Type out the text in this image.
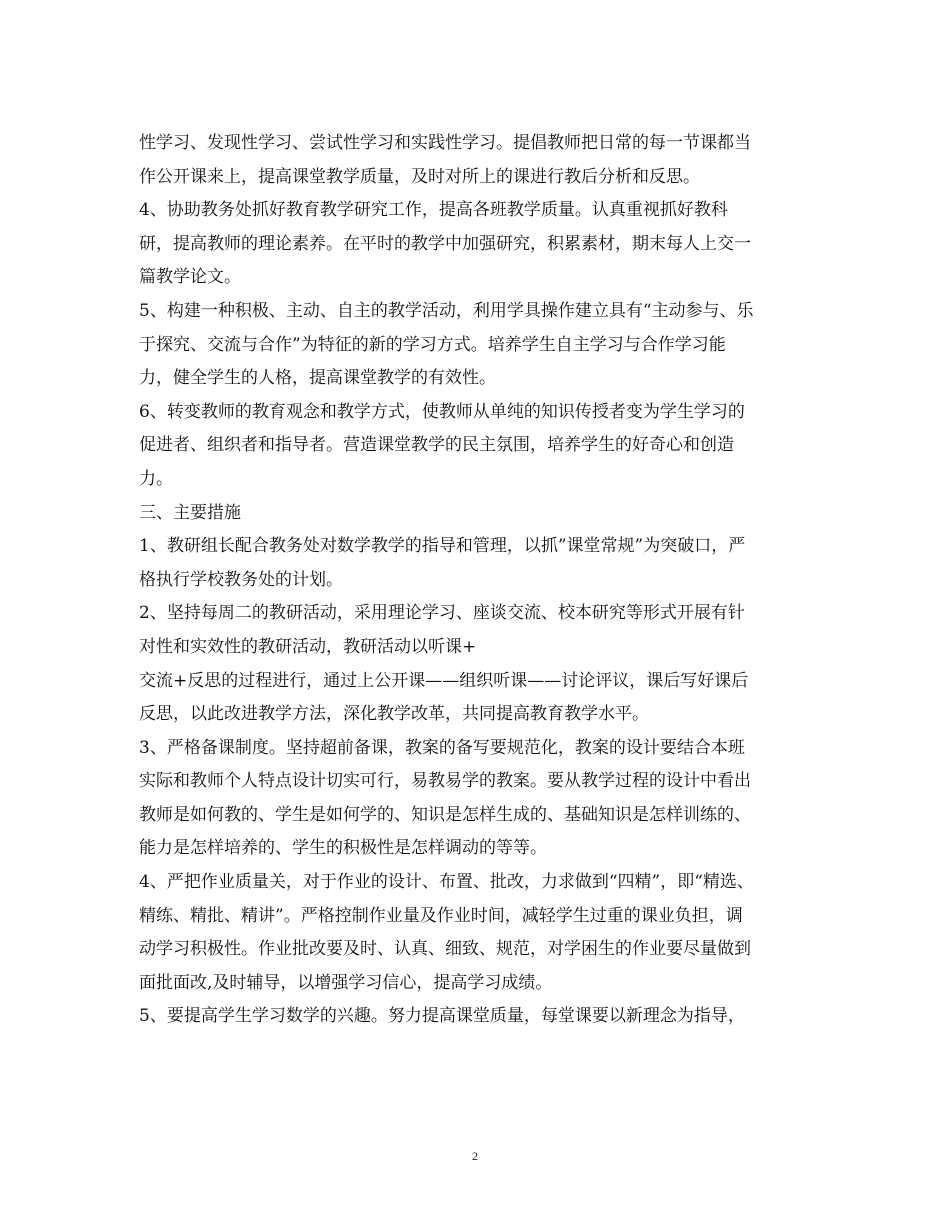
性学习、发现性学习、尝试性学习和实践性学习。提倡教师把日常的每一节课都当
作公开课来上，提高课堂教学质量，及时对所上的课进行教后分析和反思。
4、协助教务处抓好教育教学研究工作，提高各班教学质量。认真重视抓好教科
研，提高教师的理论素养。在平时的教学中加强研究，积累素材，期末每人上交一
篇教学论文。
5、构建一种积极、主动、自主的教学活动，利用学具操作建立具有“主动参与、乐
于探究、交流与合作”为特征的新的学习方式。培养学生自主学习与合作学习能
力，健全学生的人格，提高课堂教学的有效性。
6、转变教师的教育观念和教学方式，使教师从单纯的知识传授者变为学生学习的
促进者、组织者和指导者。营造课堂教学的民主氛围，培养学生的好奇心和创造
力。
三、主要措施
1、教研组长配合教务处对数学教学的指导和管理，以抓”课堂常规”为突破口，严
格执行学校教务处的计划。
2、坚持每周二的教研活动，采用理论学习、座谈交流、校本研究等形式开展有针
对性和实效性的教研活动，教研活动以听课+
交流+反思的过程进行，通过上公开课——组织听课——讨论评议，课后写好课后
反思，以此改进教学方法，深化教学改革，共同提高教育教学水平。
3、严格备课制度。坚持超前备课，教案的备写要规范化，教案的设计要结合本班
实际和教师个人特点设计切实可行，易教易学的教案。要从教学过程的设计中看出
教师是如何教的、学生是如何学的、知识是怎样生成的、基础知识是怎样训练的、
能力是怎样培养的、学生的积极性是怎样调动的等等。
4、严把作业质量关，对于作业的设计、布置、批改，力求做到“四精”，即“精选、
精练、精批、精讲”。严格控制作业量及作业时间，减轻学生过重的课业负担，调
动学习积极性。作业批改要及时、认真、细致、规范，对学困生的作业要尽量做到
面批面改,及时辅导，以增强学习信心，提高学习成绩。
5、要提高学生学习数学的兴趣。努力提高课堂质量，每堂课要以新理念为指导，
2
